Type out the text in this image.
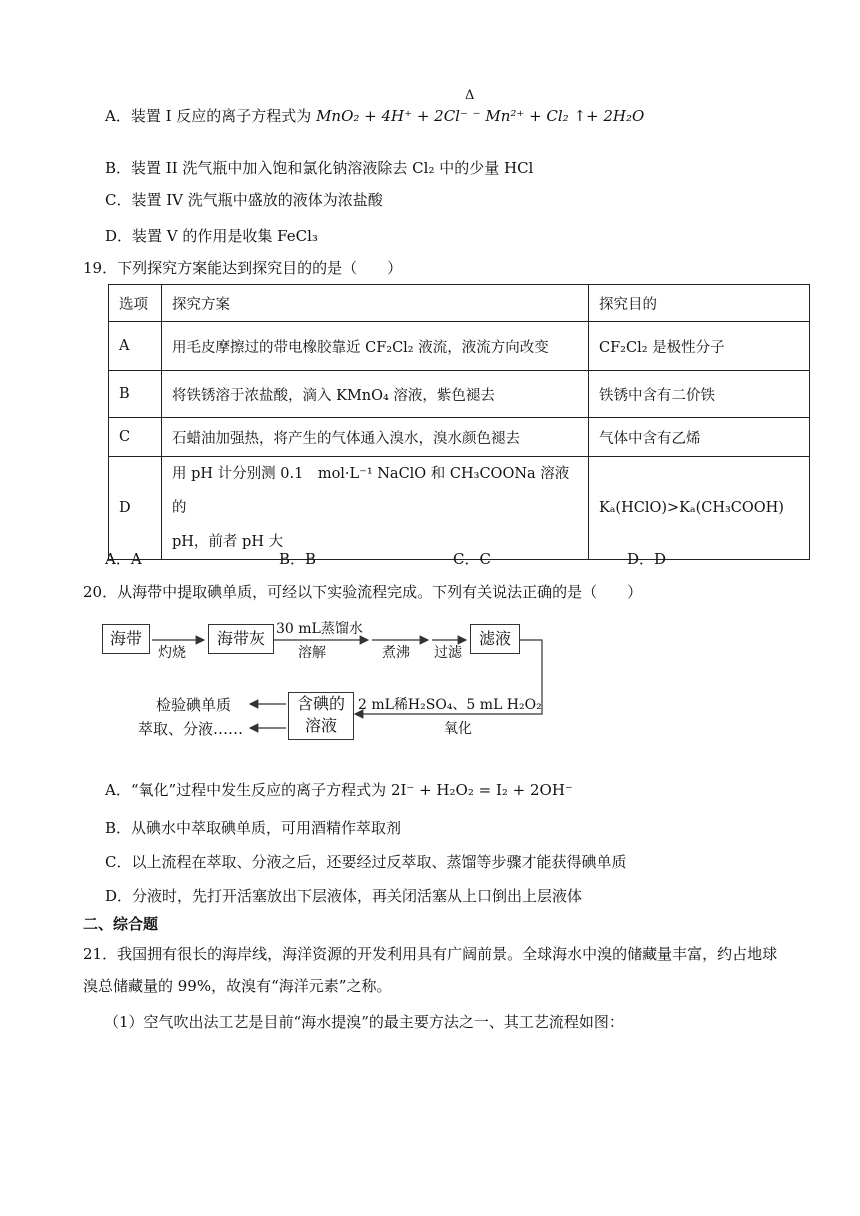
A．装置 I 反应的离子方程式为 MnO₂ + 4H⁺ + 2Cl⁻ ⁻ Mn²⁺ + Cl₂ ↑+ 2H₂O
Δ
B．装置 II 洗气瓶中加入饱和氯化钠溶液除去 Cl₂ 中的少量 HCl
C．装置 IV 洗气瓶中盛放的液体为浓盐酸
D．装置 V 的作用是收集 FeCl₃
19．下列探究方案能达到探究目的的是（　　）
选项	探究方案	探究目的
A	用毛皮摩擦过的带电橡胶靠近 CF₂Cl₂ 液流，液流方向改变	CF₂Cl₂ 是极性分子
B	将铁锈溶于浓盐酸，滴入 KMnO₄ 溶液，紫色褪去	铁锈中含有二价铁
C	石蜡油加强热，将产生的气体通入溴水，溴水颜色褪去	气体中含有乙烯
D	用 pH 计分别测 0.1　mol·L⁻¹ NaClO 和 CH₃COONa 溶液的
pH，前者 pH 大	Kₐ(HClO)>Kₐ(CH₃COOH)
A．A	B．B	C．C	D．D
20．从海带中提取碘单质，可经以下实验流程完成。下列有关说法正确的是（　　）
海带	海带灰	滤液
含碘的
溶液
灼烧
30 mL蒸馏水
溶解	煮沸 过滤
2 mL稀H₂SO₄、5 mL H₂O₂
氧化
检验碘单质
萃取、分液……
A．“氧化”过程中发生反应的离子方程式为 2I⁻ + H₂O₂ = I₂ + 2OH⁻
B．从碘水中萃取碘单质，可用酒精作萃取剂
C．以上流程在萃取、分液之后，还要经过反萃取、蒸馏等步骤才能获得碘单质
D．分液时，先打开活塞放出下层液体，再关闭活塞从上口倒出上层液体
二、综合题
21．我国拥有很长的海岸线，海洋资源的开发利用具有广阔前景。全球海水中溴的储藏量丰富，约占地球
溴总储藏量的 99%，故溴有“海洋元素”之称。
（1）空气吹出法工艺是目前“海水提溴”的最主要方法之一、其工艺流程如图：
